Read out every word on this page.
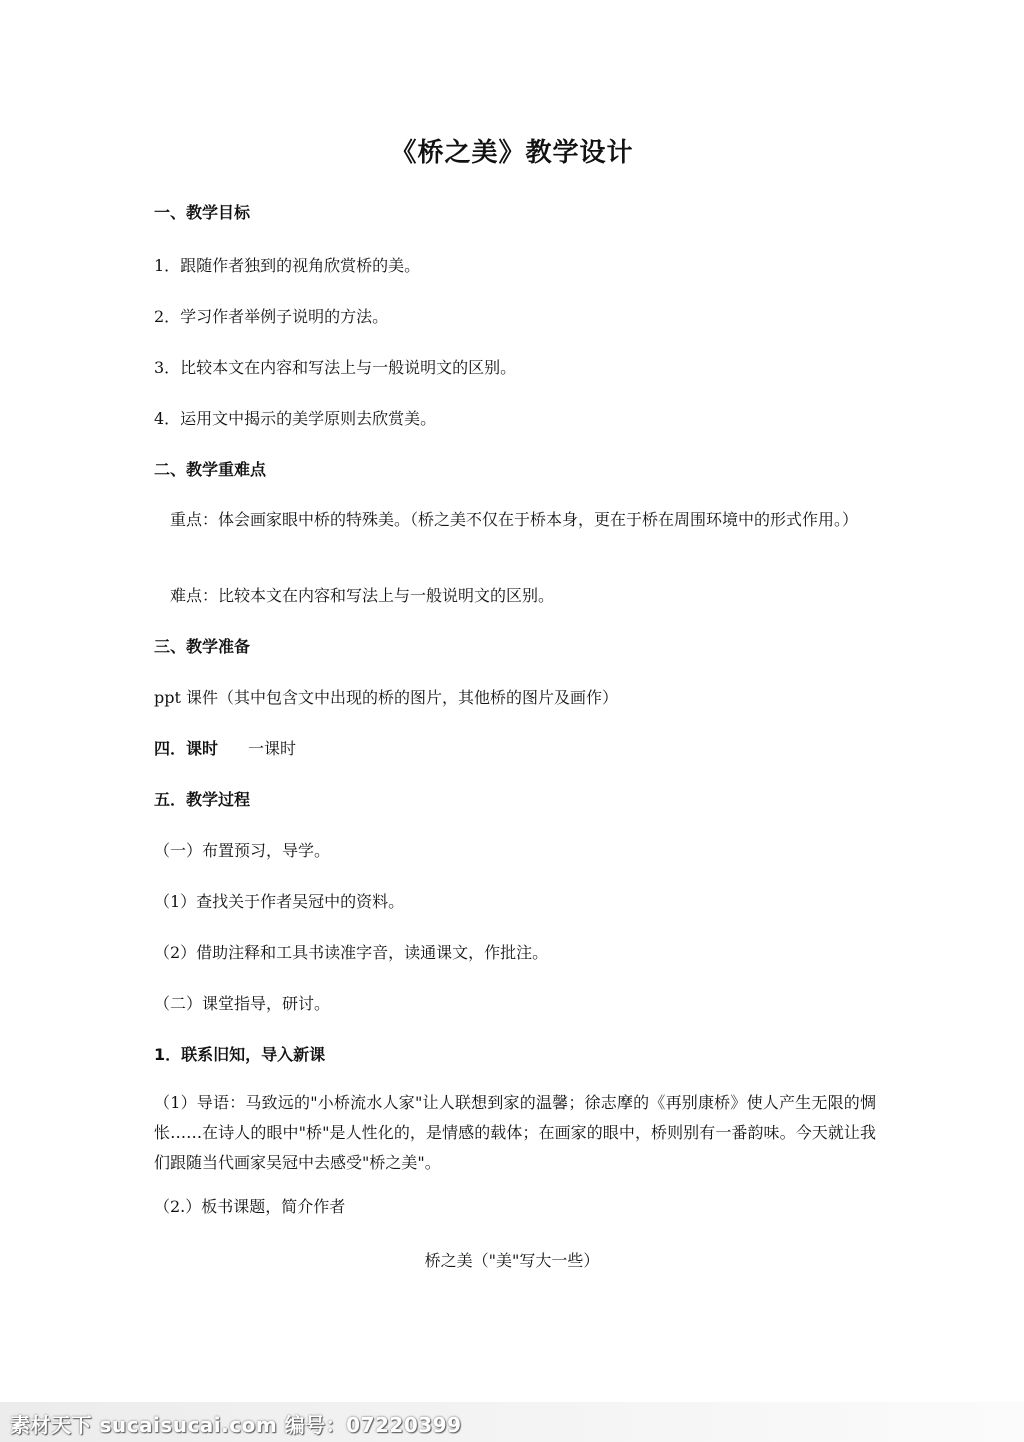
《桥之美》教学设计
一、教学目标
1．跟随作者独到的视角欣赏桥的美。
2．学习作者举例子说明的方法。
3．比较本文在内容和写法上与一般说明文的区别。
4．运用文中揭示的美学原则去欣赏美。
二、教学重难点
重点：体会画家眼中桥的特殊美。（桥之美不仅在于桥本身，更在于桥在周围环境中的形式作用。）
难点：比较本文在内容和写法上与一般说明文的区别。
三、教学准备
ppt 课件（其中包含文中出现的桥的图片，其他桥的图片及画作）
四．课时 一课时
五．教学过程
（一）布置预习，导学。
（1）查找关于作者吴冠中的资料。
（2）借助注释和工具书读准字音，读通课文，作批注。
（二）课堂指导，研讨。
1．联系旧知，导入新课
（1）导语：马致远的"小桥流水人家"让人联想到家的温馨；徐志摩的《再别康桥》使人产生无限的惆怅……在诗人的眼中"桥"是人性化的，是情感的载体；在画家的眼中，桥则别有一番韵味。今天就让我们跟随当代画家吴冠中去感受"桥之美"。
（2.）板书课题，简介作者
桥之美（"美"写大一些）
素材天下 sucaisucai.com 编号：07220399
